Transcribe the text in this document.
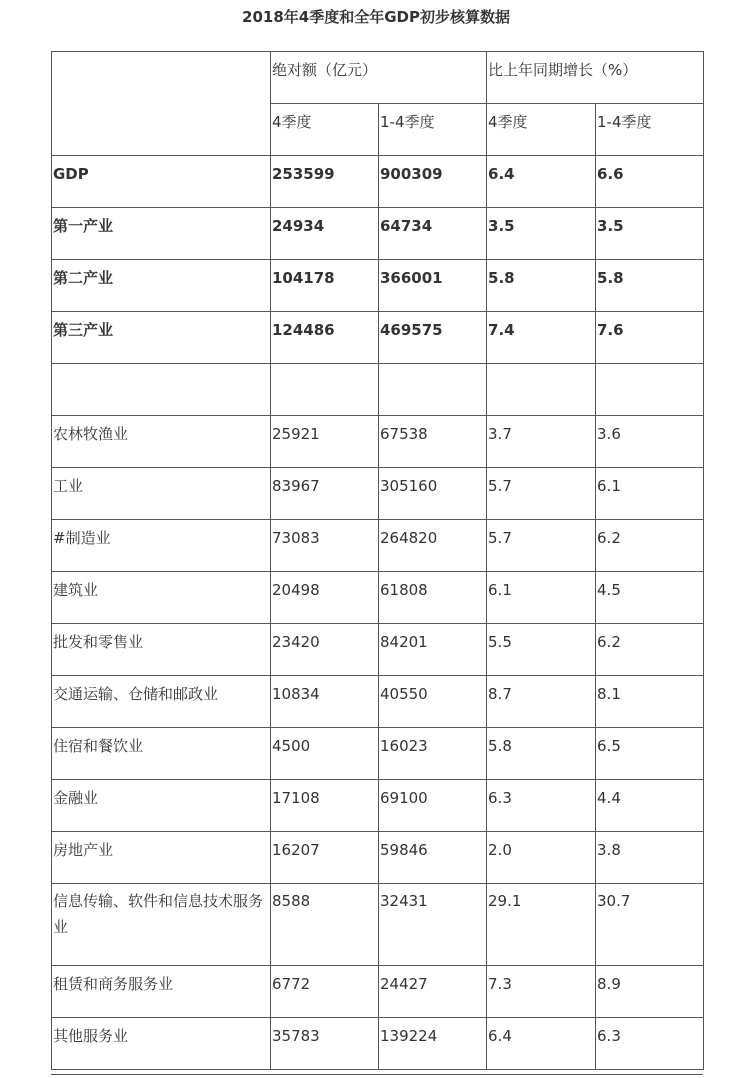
2018年4季度和全年GDP初步核算数据
	绝对额（亿元）		比上年同期增长（%）	
	4季度	1-4季度	4季度	1-4季度
GDP	253599	900309	6.4	6.6
第一产业	24934	64734	3.5	3.5
第二产业	104178	366001	5.8	5.8
第三产业	124486	469575	7.4	7.6

农林牧渔业	25921	67538	3.7	3.6
工业	83967	305160	5.7	6.1
#制造业	73083	264820	5.7	6.2
建筑业	20498	61808	6.1	4.5
批发和零售业	23420	84201	5.5	6.2
交通运输、仓储和邮政业	10834	40550	8.7	8.1
住宿和餐饮业	4500	16023	5.8	6.5
金融业	17108	69100	6.3	4.4
房地产业	16207	59846	2.0	3.8
信息传输、软件和信息技术服务业	8588	32431	29.1	30.7
租赁和商务服务业	6772	24427	7.3	8.9
其他服务业	35783	139224	6.4	6.3
